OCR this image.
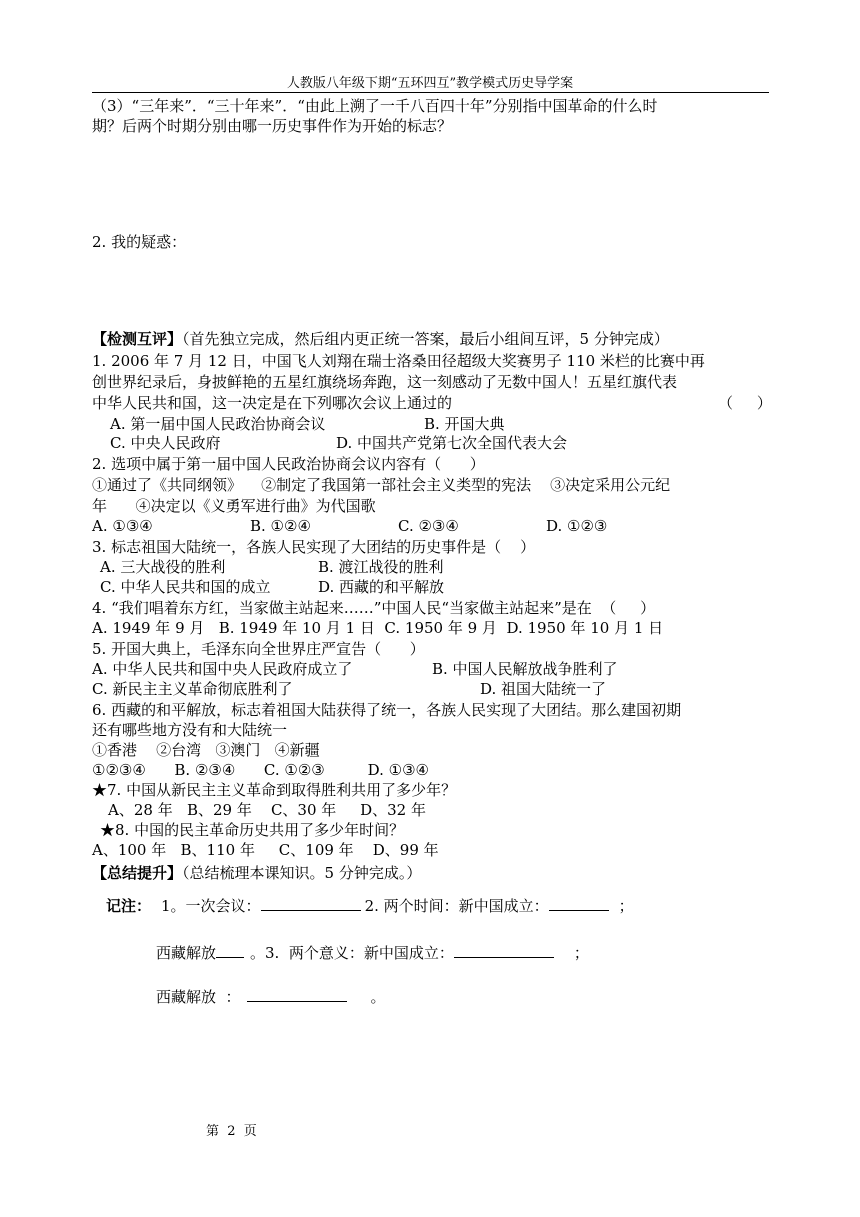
人教版八年级下期“五环四互”教学模式历史导学案
（3）“三年来”．“三十年来”．“由此上溯了一千八百四十年”分别指中国革命的什么时
期？后两个时期分别由哪一历史事件作为开始的标志？
2. 我的疑惑：
【检测互评】（首先独立完成，然后组内更正统一答案，最后小组间互评，5 分钟完成）
1. 2006 年 7 月 12 日，中国飞人刘翔在瑞士洛桑田径超级大奖赛男子 110 米栏的比赛中再
创世界纪录后，身披鲜艳的五星红旗绕场奔跑，这一刻感动了无数中国人！五星红旗代表
中华人民共和国，这一决定是在下列哪次会议上通过的	（     ）
A. 第一届中国人民政治协商会议	B. 开国大典
C. 中央人民政府	D. 中国共产党第七次全国代表大会
2. 选项中属于第一届中国人民政治协商会议内容有（      ）
①通过了《共同纲领》    ②制定了我国第一部社会主义类型的宪法    ③决定采用公元纪
年      ④决定以《义勇军进行曲》为代国歌
A. ①③④	B. ①②④	C. ②③④	D. ①②③
3. 标志祖国大陆统一，各族人民实现了大团结的历史事件是（    ）
A. 三大战役的胜利	B. 渡江战役的胜利
C. 中华人民共和国的成立	D. 西藏的和平解放
4. “我们唱着东方红，当家做主站起来……”中国人民“当家做主站起来”是在  （     ）
A. 1949 年 9 月   B. 1949 年 10 月 1 日  C. 1950 年 9 月  D. 1950 年 10 月 1 日
5. 开国大典上，毛泽东向全世界庄严宣告（      ）
A. 中华人民共和国中央人民政府成立了	B. 中国人民解放战争胜利了
C. 新民主主义革命彻底胜利了	D. 祖国大陆统一了
6. 西藏的和平解放，标志着祖国大陆获得了统一，各族人民实现了大团结。那么建国初期
还有哪些地方没有和大陆统一
①香港    ②台湾   ③澳门   ④新疆
①②③④      B. ②③④      C. ①②③         D. ①③④
★7. 中国从新民主主义革命到取得胜利共用了多少年？
A、28 年   B、29 年    C、30 年     D、32 年
★8. 中国的民主革命历史共用了多少年时间？
A、100 年   B、110 年     C、109 年    D、99 年
【总结提升】（总结梳理本课知识。5 分钟完成。）
记注： 1。一次会议：	2. 两个时间：新中国成立：	；
西藏解放 。3.  两个意义：新中国成立：	；
西藏解放  ：	。
第  2  页
